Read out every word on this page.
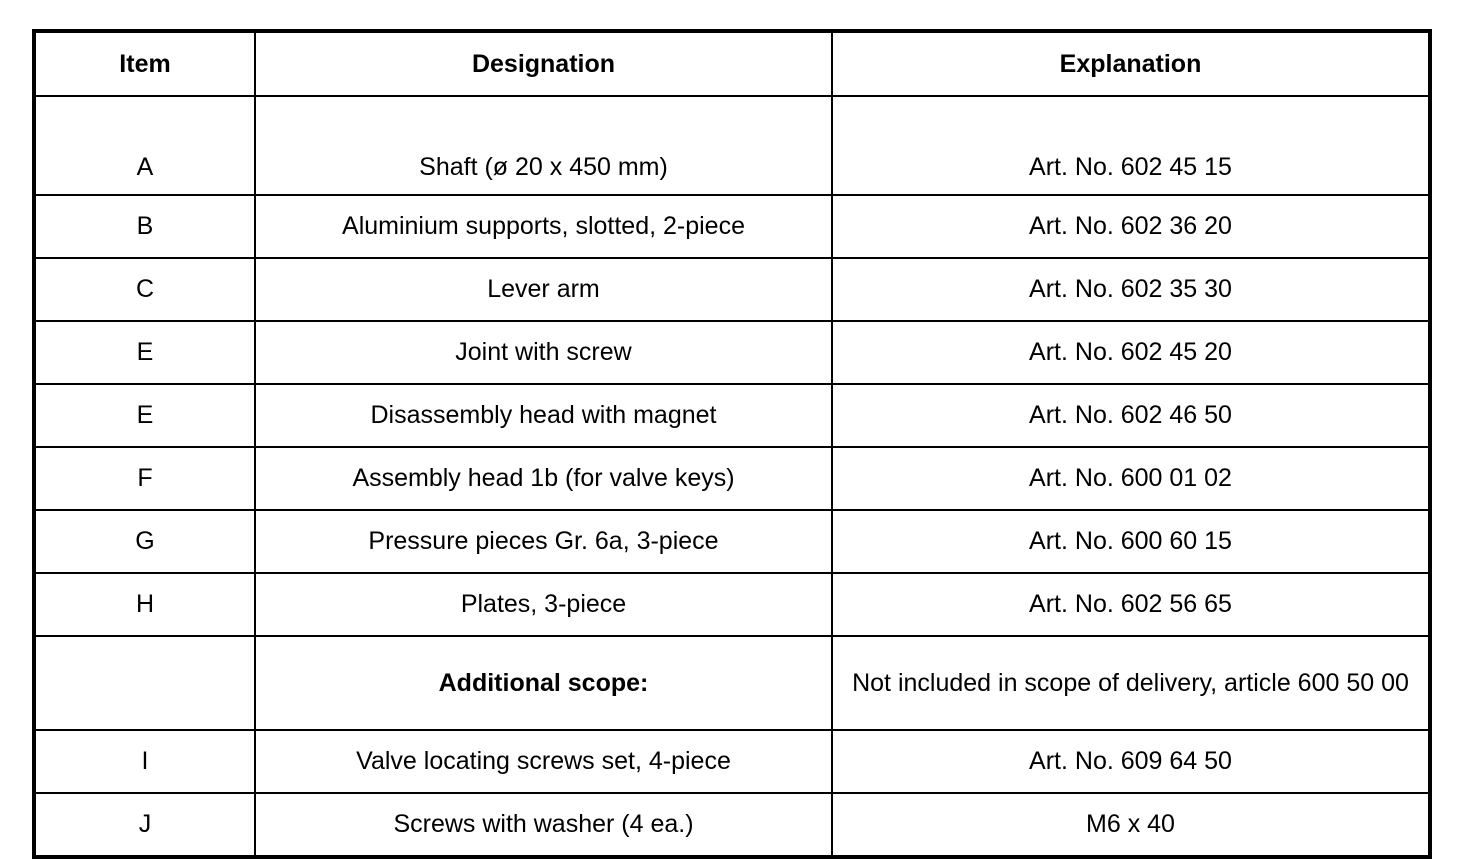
Item	Designation	Explanation
A	Shaft (ø 20 x 450 mm)	Art. No. 602 45 15
B	Aluminium supports, slotted, 2-piece	Art. No. 602 36 20
C	Lever arm	Art. No. 602 35 30
E	Joint with screw	Art. No. 602 45 20
E	Disassembly head with magnet	Art. No. 602 46 50
F	Assembly head 1b (for valve keys)	Art. No. 600 01 02
G	Pressure pieces Gr. 6a, 3-piece	Art. No. 600 60 15
H	Plates, 3-piece	Art. No. 602 56 65
	Additional scope:	Not included in scope of delivery, article 600 50 00
I	Valve locating screws set, 4-piece	Art. No. 609 64 50
J	Screws with washer (4 ea.)	M6 x 40
